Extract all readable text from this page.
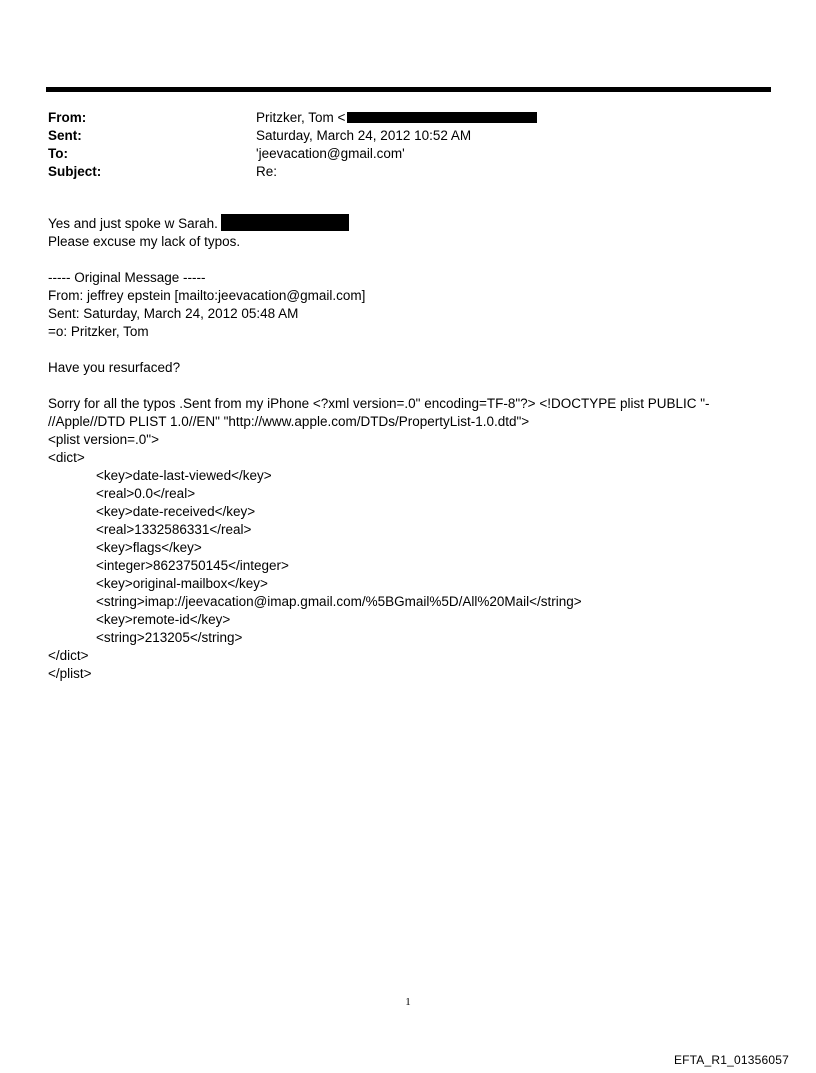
From:	Pritzker, Tom <
Sent:	Saturday, March 24, 2012 10:52 AM
To:	'jeevacation@gmail.com'
Subject:	Re:
Yes and just spoke w Sarah.
Please excuse my lack of typos.
----- Original Message -----
From: jeffrey epstein [mailto:jeevacation@gmail.com]
Sent: Saturday, March 24, 2012 05:48 AM
=o: Pritzker, Tom
Have you resurfaced?
Sorry for all the typos .Sent from my iPhone <?xml version=.0" encoding=TF-8"?> <!DOCTYPE plist PUBLIC "-
//Apple//DTD PLIST 1.0//EN" "http://www.apple.com/DTDs/PropertyList-1.0.dtd">
<plist version=.0">
<dict>
<key>date-last-viewed</key>
<real>0.0</real>
<key>date-received</key>
<real>1332586331</real>
<key>flags</key>
<integer>8623750145</integer>
<key>original-mailbox</key>
<string>imap://jeevacation@imap.gmail.com/%5BGmail%5D/All%20Mail</string>
<key>remote-id</key>
<string>213205</string>
</dict>
</plist>
1
EFTA_R1_01356057
